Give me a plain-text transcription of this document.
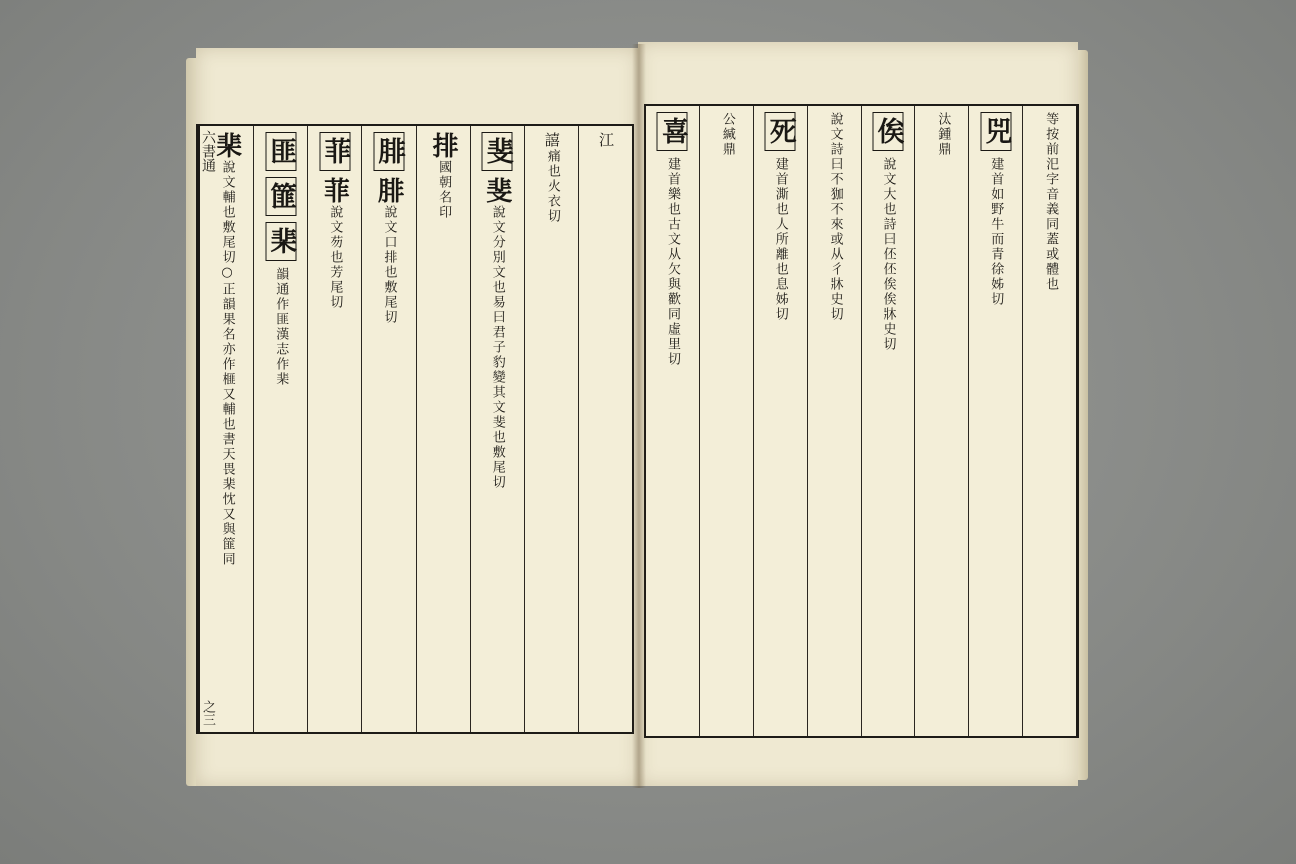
江
譆痛也火衣切
斐斐說文分別文也易曰君子豹變其文斐也敷尾切
排國朝名印
腓腓說文口排也敷尾切
菲菲說文芴也芳尾切
匪篚棐韻通作匪漢志作棐
棐說文輔也敷尾切○正韻果名亦作榧又輔也書天畏棐忱又與篚同
六書通
之三
等按前汜字音義同蓋或體也
兕建首如野牛而青徐姊切
汰鍾鼎
俟說文大也詩曰伾伾俟俟牀史切
說文詩曰不㹢不來或从彳牀史切
死建首澌也人所離也息姊切
公緘鼎
喜建首樂也古文从欠與歡同虛里切
